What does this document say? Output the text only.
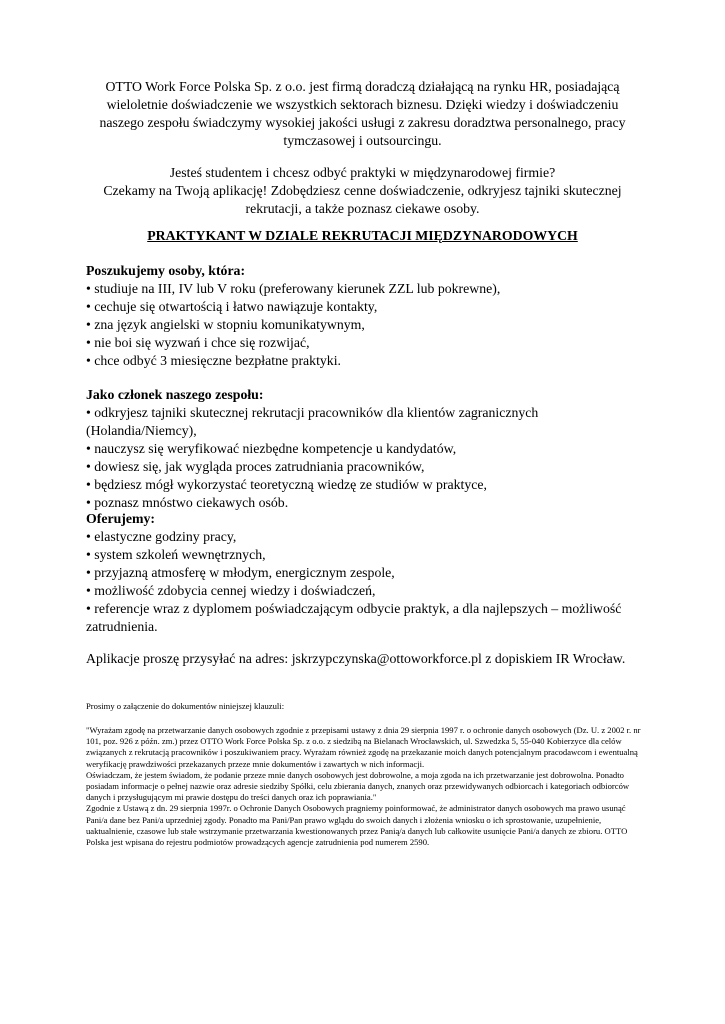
OTTO Work Force Polska Sp. z o.o. jest firmą doradczą działającą na rynku HR, posiadającą wieloletnie doświadczenie we wszystkich sektorach biznesu. Dzięki wiedzy i doświadczeniu naszego zespołu świadczymy wysokiej jakości usługi z zakresu doradztwa personalnego, pracy tymczasowej i outsourcingu.
Jesteś studentem i chcesz odbyć praktyki w międzynarodowej firmie?
Czekamy na Twoją aplikację! Zdobędziesz cenne doświadczenie, odkryjesz tajniki skutecznej rekrutacji, a także poznasz ciekawe osoby.
PRAKTYKANT W DZIALE REKRUTACJI MIĘDZYNARODOWYCH
Poszukujemy osoby, która:
• studiuje na III, IV lub V roku (preferowany kierunek ZZL lub pokrewne),
• cechuje się otwartością i łatwo nawiązuje kontakty,
• zna język angielski w stopniu komunikatywnym,
• nie boi się wyzwań i chce się rozwijać,
• chce odbyć 3 miesięczne bezpłatne praktyki.
Jako członek naszego zespołu:
• odkryjesz tajniki skutecznej rekrutacji pracowników dla klientów zagranicznych (Holandia/Niemcy),
• nauczysz się weryfikować niezbędne kompetencje u kandydatów,
• dowiesz się, jak wygląda proces zatrudniania pracowników,
• będziesz mógł wykorzystać teoretyczną wiedzę ze studiów w praktyce,
• poznasz mnóstwo ciekawych osób.
Oferujemy:
• elastyczne godziny pracy,
• system szkoleń wewnętrznych,
• przyjazną atmosferę w młodym, energicznym zespole,
• możliwość zdobycia cennej wiedzy i doświadczeń,
• referencje wraz z dyplomem poświadczającym odbycie praktyk, a dla najlepszych – możliwość zatrudnienia.
Aplikacje proszę przysyłać na adres: jskrzypczynska@ottoworkforce.pl z dopiskiem IR Wrocław.
Prosimy o załączenie do dokumentów niniejszej klauzuli:

"Wyrażam zgodę na przetwarzanie danych osobowych zgodnie z przepisami ustawy z dnia 29 sierpnia 1997 r. o ochronie danych osobowych (Dz. U. z 2002 r. nr 101, poz. 926 z późn. zm.) przez OTTO Work Force Polska Sp. z o.o. z siedzibą na Bielanach Wrocławskich, ul. Szwedzka 5, 55-040 Kobierzyce dla celów związanych z rekrutacją pracowników i poszukiwaniem pracy. Wyrażam również zgodę na przekazanie moich danych potencjalnym pracodawcom i ewentualną weryfikację prawdziwości przekazanych przeze mnie dokumentów i zawartych w nich informacji.

Oświadczam, że jestem świadom, że podanie przeze mnie danych osobowych jest dobrowolne, a moja zgoda na ich przetwarzanie jest dobrowolna. Ponadto posiadam informacje o pełnej nazwie oraz adresie siedziby Spółki, celu zbierania danych, znanych oraz przewidywanych odbiorcach i kategoriach odbiorców danych i przysługującym mi prawie dostępu do treści danych oraz ich poprawiania."

Zgodnie z Ustawą z dn. 29 sierpnia 1997r. o Ochronie Danych Osobowych pragniemy poinformować, że administrator danych osobowych ma prawo usunąć Pani/a dane bez Pani/a uprzedniej zgody. Ponadto ma Pani/Pan prawo wglądu do swoich danych i złożenia wniosku o ich sprostowanie, uzupełnienie, uaktualnienie, czasowe lub stałe wstrzymanie przetwarzania kwestionowanych przez Panią/a danych lub całkowite usunięcie Pani/a danych ze zbioru. OTTO Polska jest wpisana do rejestru podmiotów prowadzących agencje zatrudnienia pod numerem 2590.
